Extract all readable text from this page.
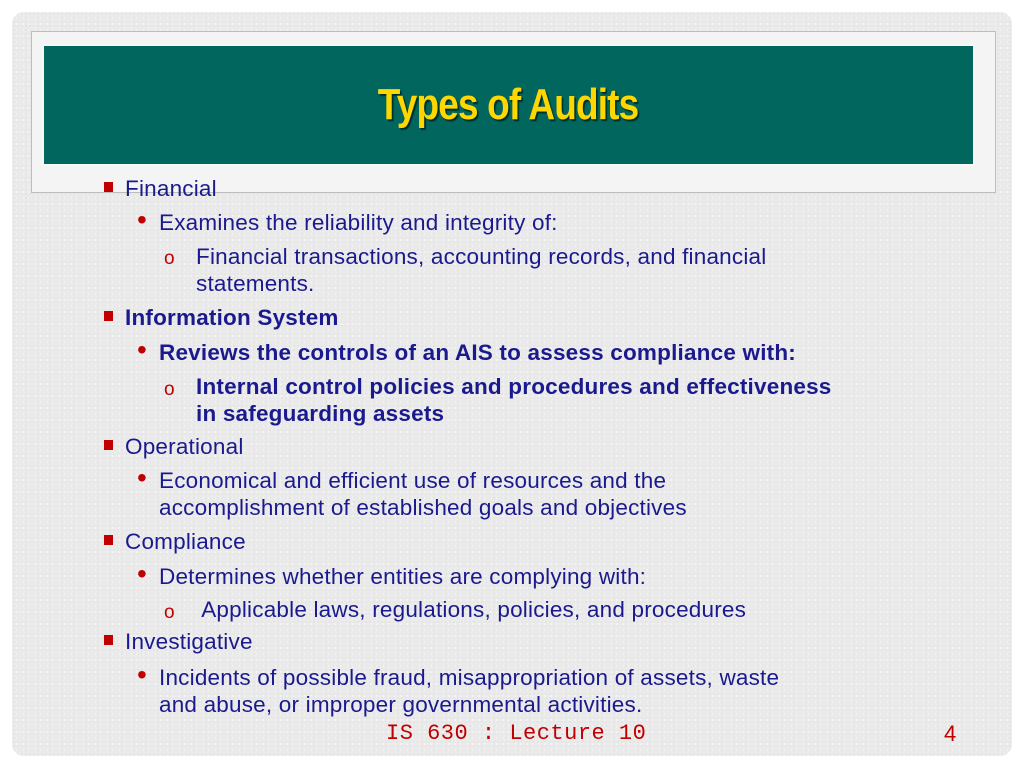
Types of Audits
Financial
• Examines the reliability and integrity of:
o Financial transactions, accounting records, and financial
statements.
Information System
• Reviews the controls of an AIS to assess compliance with:
o Internal control policies and procedures and effectiveness
in safeguarding assets
Operational
• Economical and efficient use of resources and the
accomplishment of established goals and objectives
Compliance
• Determines whether entities are complying with:
o Applicable laws, regulations, policies, and procedures
Investigative
• Incidents of possible fraud, misappropriation of assets, waste
and abuse, or improper governmental activities.
IS 630 : Lecture 10	4
